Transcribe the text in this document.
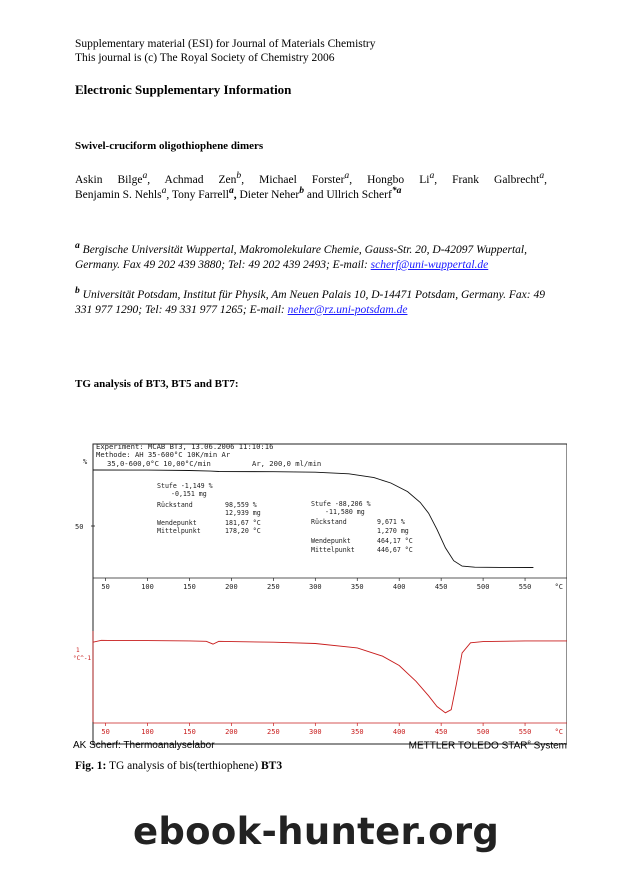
Supplementary material (ESI) for Journal of Materials Chemistry

This journal is (c) The Royal Society of Chemistry 2006

Electronic Supplementary Information

Swivel-cruciform oligothiophene dimers

Askin Bilge$^a$, Achmad Zen$^b$, Michael Forster$^a$, Hongbo Li$^a$, Frank Galbrecht$^a$,
Benjamin S. Nehls$^a$, Tony Farrell$^a$, Dieter Neher$^b$ and Ullrich Scherf$^{*a}$
$^a$ Bergische Universität Wuppertal, Makromolekulare Chemie, Gauss-Str. 20, D-42097 Wuppertal, Germany. Fax 49 202 439 3880; Tel: 49 202 439 2493; E-mail: scherf@uni-wuppertal.de
$^b$ Universität Potsdam, Institut für Physik, Am Neuen Palais 10, D-14471 Potsdam, Germany. Fax: 49 331 977 1290; Tel: 49 331 977 1265; E-mail: neher@rz.uni-potsdam.de

TG analysis of BT3, BT5 and BT7:

Experiment: MCAB BT3, 13.06.2006 11:10:16
Methode: AH 35-600°C 10K/min Ar
35,0-600,0°C 10,00°C/min	Ar, 200,0 ml/min
%
50
50	100	150	200	250	300	350	400	450	500	550	°C
Stufe -1,149 %
-0,151 mg
Rückstand	98,559 %
12,939 mg
Wendepunkt	181,67 °C
Mittelpunkt	178,20 °C
Stufe -88,206 %
-11,580 mg
Rückstand	9,671 %
1,270 mg
Wendepunkt	464,17 °C
Mittelpunkt	446,67 °C
1
°C^-1
50	100	150	200	250	300	350	400	450	500	550	°C
AK Scherf: Thermoanalyselabor	METTLER TOLEDO STAR$^e$ System

Fig. 1: TG analysis of bis(terthiophene) BT3

ebook-hunter.org
